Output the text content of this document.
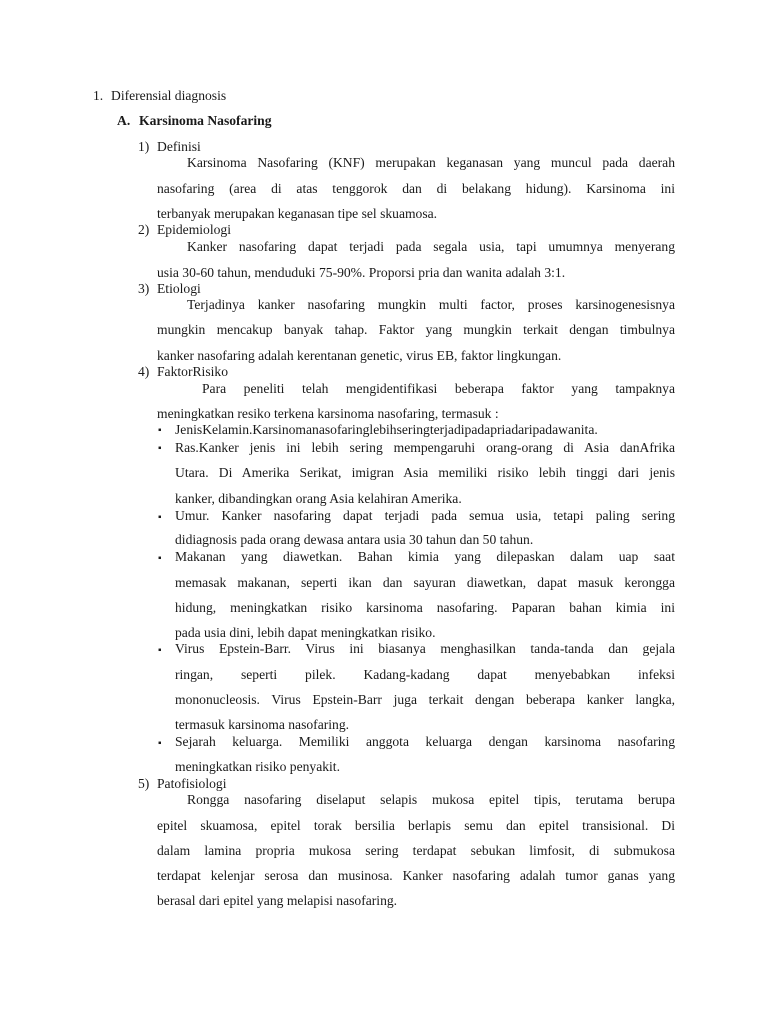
1. Diferensial diagnosis
A. Karsinoma Nasofaring
1) Definisi
Karsinoma Nasofaring (KNF) merupakan keganasan yang muncul pada daerah
nasofaring (area di atas tenggorok dan di belakang hidung). Karsinoma ini
terbanyak merupakan keganasan tipe sel skuamosa.
2) Epidemiologi
Kanker nasofaring dapat terjadi pada segala usia, tapi umumnya menyerang
usia 30-60 tahun, menduduki 75-90%. Proporsi pria dan wanita adalah 3:1.
3) Etiologi
Terjadinya kanker nasofaring mungkin multi factor, proses karsinogenesisnya
mungkin mencakup banyak tahap. Faktor yang mungkin terkait dengan timbulnya
kanker nasofaring adalah kerentanan genetic, virus EB, faktor lingkungan.
4) FaktorRisiko
Para peneliti telah mengidentifikasi beberapa faktor yang tampaknya
meningkatkan resiko terkena karsinoma nasofaring, termasuk :
▪ JenisKelamin.Karsinomanasofaringlebihseringterjadipadapriadaripadawanita.
▪ Ras.Kanker jenis ini lebih sering mempengaruhi orang-orang di Asia danAfrika
Utara. Di Amerika Serikat, imigran Asia memiliki risiko lebih tinggi dari jenis
kanker, dibandingkan orang Asia kelahiran Amerika.
▪ Umur. Kanker nasofaring dapat terjadi pada semua usia, tetapi paling sering
didiagnosis pada orang dewasa antara usia 30 tahun dan 50 tahun.
▪ Makanan yang diawetkan. Bahan kimia yang dilepaskan dalam uap saat
memasak makanan, seperti ikan dan sayuran diawetkan, dapat masuk kerongga
hidung, meningkatkan risiko karsinoma nasofaring. Paparan bahan kimia ini
pada usia dini, lebih dapat meningkatkan risiko.
▪ Virus Epstein-Barr. Virus ini biasanya menghasilkan tanda-tanda dan gejala
ringan, seperti pilek. Kadang-kadang dapat menyebabkan infeksi
mononucleosis. Virus Epstein-Barr juga terkait dengan beberapa kanker langka,
termasuk karsinoma nasofaring.
▪ Sejarah keluarga. Memiliki anggota keluarga dengan karsinoma nasofaring
meningkatkan risiko penyakit.
5) Patofisiologi
Rongga nasofaring diselaput selapis mukosa epitel tipis, terutama berupa
epitel skuamosa, epitel torak bersilia berlapis semu dan epitel transisional. Di
dalam lamina propria mukosa sering terdapat sebukan limfosit, di submukosa
terdapat kelenjar serosa dan musinosa. Kanker nasofaring adalah tumor ganas yang
berasal dari epitel yang melapisi nasofaring.
